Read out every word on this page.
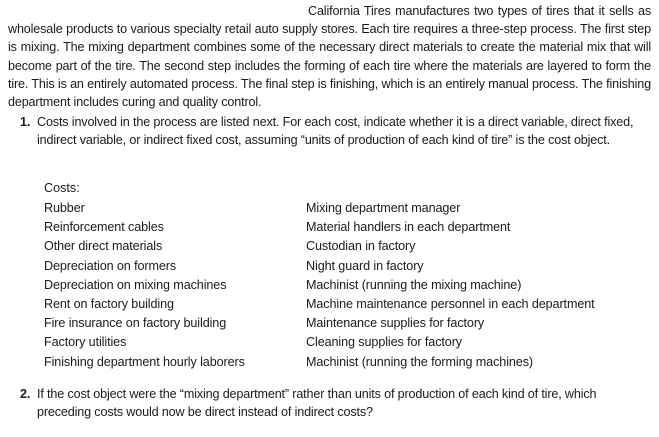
California Tires manufactures two types of tires that it sells as wholesale products to various specialty retail auto supply stores. Each tire requires a three-step process. The first step is mixing. The mixing department combines some of the necessary direct materials to create the material mix that will become part of the tire. The second step includes the forming of each tire where the materials are layered to form the tire. This is an entirely automated process. The final step is finishing, which is an entirely manual process. The finishing department includes curing and quality control.

1. Costs involved in the process are listed next. For each cost, indicate whether it is a direct variable, direct fixed, indirect variable, or indirect fixed cost, assuming “units of production of each kind of tire” is the cost object.

Costs:
Rubber
Reinforcement cables
Other direct materials
Depreciation on formers
Depreciation on mixing machines
Rent on factory building
Fire insurance on factory building
Factory utilities
Finishing department hourly laborers
Mixing department manager
Material handlers in each department
Custodian in factory
Night guard in factory
Machinist (running the mixing machine)
Machine maintenance personnel in each department
Maintenance supplies for factory
Cleaning supplies for factory
Machinist (running the forming machines)
2. If the cost object were the “mixing department” rather than units of production of each kind of tire, which preceding costs would now be direct instead of indirect costs?
